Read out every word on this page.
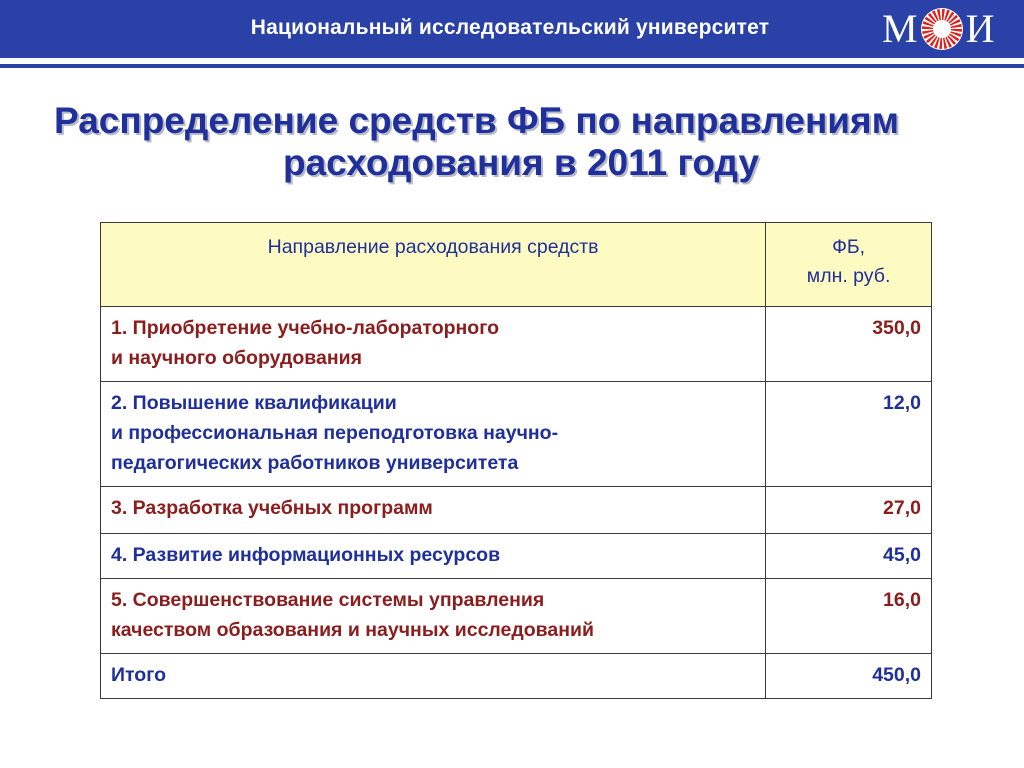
Национальный исследовательский университет	М И
Распределение средств ФБ по направлениям
расходования в 2011 году
Направление расходования средств	ФБ,
млн. руб.

1. Приобретение учебно-лабораторного
и научного оборудования	350,0

2. Повышение квалификации
и профессиональная переподготовка научно-
педагогических работников университета	12,0

3. Разработка учебных программ	27,0

4. Развитие информационных ресурсов	45,0

5. Совершенствование системы управления
качеством образования и научных исследований	16,0

Итого	450,0
